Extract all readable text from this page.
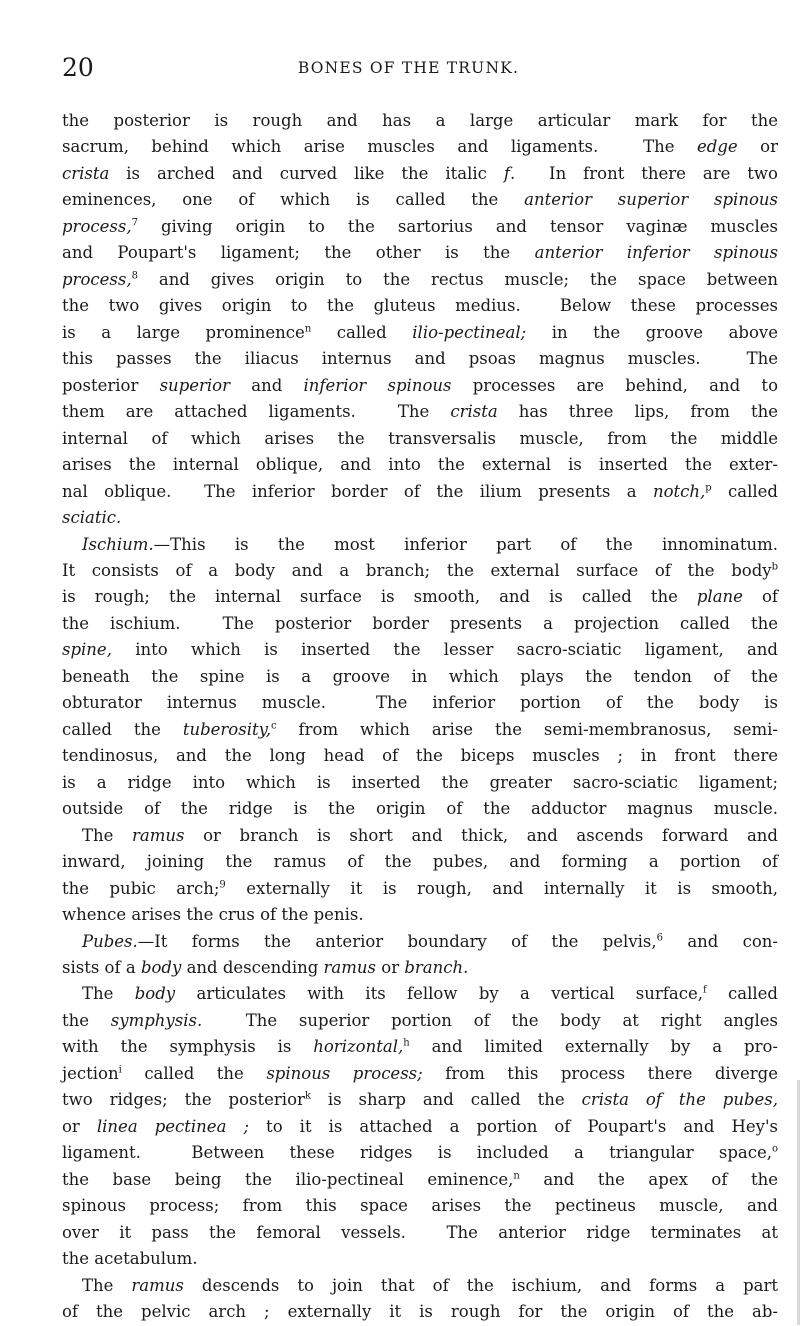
20	BONES OF THE TRUNK.
the posterior is rough and has a large articular mark for the
sacrum, behind which arise muscles and ligaments.  The edge or
crista is arched and curved like the italic f.  In front there are two
eminences, one of which is called the anterior superior spinous
process,$^7$ giving origin to the sartorius and tensor vaginæ muscles
and Poupart's ligament; the other is the anterior inferior spinous
process,$^8$ and gives origin to the rectus muscle; the space between
the two gives origin to the gluteus medius.  Below these processes
is a large prominence$^n$ called ilio-pectineal; in the groove above
this passes the iliacus internus and psoas magnus muscles.  The
posterior superior and inferior spinous processes are behind, and to
them are attached ligaments.  The crista has three lips, from the
internal of which arises the transversalis muscle, from the middle
arises the internal oblique, and into the external is inserted the exter-
nal oblique.  The inferior border of the ilium presents a notch,$^p$ called
sciatic.
Ischium.—This is the most inferior part of the innominatum.
It consists of a body and a branch; the external surface of the body$^b$
is rough; the internal surface is smooth, and is called the plane of
the ischium.  The posterior border presents a projection called the
spine, into which is inserted the lesser sacro-sciatic ligament, and
beneath the spine is a groove in which plays the tendon of the
obturator internus muscle.  The inferior portion of the body is
called the tuberosity,$^c$ from which arise the semi-membranosus, semi-
tendinosus, and the long head of the biceps muscles ; in front there
is a ridge into which is inserted the greater sacro-sciatic ligament;
outside of the ridge is the origin of the adductor magnus muscle.
The ramus or branch is short and thick, and ascends forward and
inward, joining the ramus of the pubes, and forming a portion of
the pubic arch;$^9$ externally it is rough, and internally it is smooth,
whence arises the crus of the penis.
Pubes.—It forms the anterior boundary of the pelvis,$^6$ and con-
sists of a body and descending ramus or branch.
The body articulates with its fellow by a vertical surface,$^f$ called
the symphysis.  The superior portion of the body at right angles
with the symphysis is horizontal,$^h$ and limited externally by a pro-
jection$^i$ called the spinous process; from this process there diverge
two ridges; the posterior$^k$ is sharp and called the crista of the pubes,
or linea pectinea ; to it is attached a portion of Poupart's and Hey's
ligament.  Between these ridges is included a triangular space,$^o$
the base being the ilio-pectineal eminence,$^n$ and the apex of the
spinous process; from this space arises the pectineus muscle, and
over it pass the femoral vessels.  The anterior ridge terminates at
the acetabulum.
The ramus descends to join that of the ischium, and forms a part
of the pelvic arch ; externally it is rough for the origin of the ab-
